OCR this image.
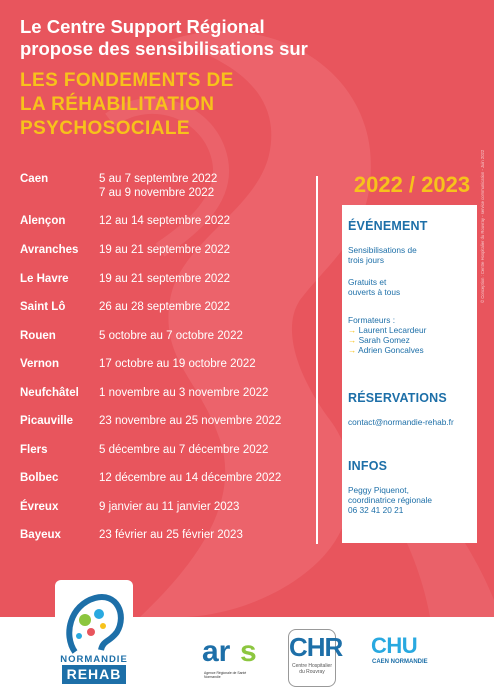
Le Centre Support Régional
propose des sensibilisations sur
LES FONDEMENTS DE
LA RÉHABILITATION
PSYCHOSOCIALE
Caen	5 au 7 septembre 2022
7 au 9 novembre 2022
Alençon	12 au 14 septembre 2022
Avranches 19 au 21 septembre 2022
Le Havre	19 au 21 septembre 2022
Saint Lô	26 au 28 septembre 2022
Rouen	5 octobre au 7 octobre 2022
Vernon	17 octobre au 19 octobre 2022
Neufchâtel 1 novembre au 3 novembre 2022
Picauville 23 novembre au 25 novembre 2022
Flers	5 décembre au 7 décembre 2022
Bolbec	12 décembre au 14 décembre 2022
Évreux	9 janvier au 11 janvier 2023
Bayeux	23 février au 25 février 2023
2022 / 2023
ÉVÉNEMENT
Sensibilisations de
trois jours
Gratuits et
ouverts à tous
Formateurs :
→ Laurent Lecardeur
→ Sarah Gomez
→ Adrien Goncalves
RÉSERVATIONS
contact@normandie-rehab.fr
INFOS
Peggy Piquenot,
coordinatrice régionale
06 32 41 20 21
© Conception : Centre Hospitalier du Rouvray - service communication - Juin 2022
NORMANDIE
REHAB
ar s
Agence Régionale de Santé
Normandie
CHR
Centre Hospitalier
du Rouvray
CHU
CAEN NORMANDIE
